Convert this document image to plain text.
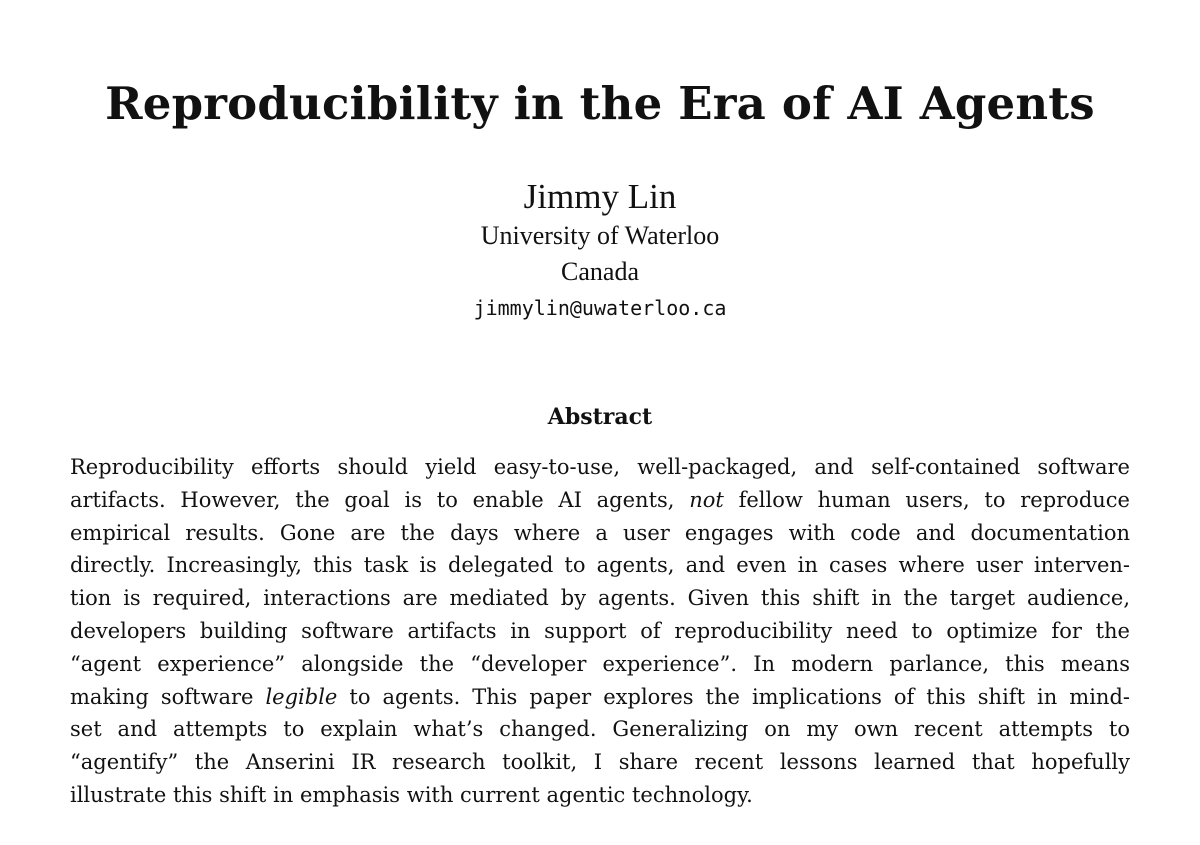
Reproducibility in the Era of AI Agents
Jimmy Lin
University of Waterloo
Canada
jimmylin@uwaterloo.ca
Abstract
Reproducibility efforts should yield easy-to-use, well-packaged, and self-contained software
artifacts. However, the goal is to enable AI agents, not fellow human users, to reproduce
empirical results. Gone are the days where a user engages with code and documentation
directly. Increasingly, this task is delegated to agents, and even in cases where user interven-
tion is required, interactions are mediated by agents. Given this shift in the target audience,
developers building software artifacts in support of reproducibility need to optimize for the
“agent experience” alongside the “developer experience”. In modern parlance, this means
making software legible to agents. This paper explores the implications of this shift in mind-
set and attempts to explain what’s changed. Generalizing on my own recent attempts to
“agentify” the Anserini IR research toolkit, I share recent lessons learned that hopefully
illustrate this shift in emphasis with current agentic technology.
